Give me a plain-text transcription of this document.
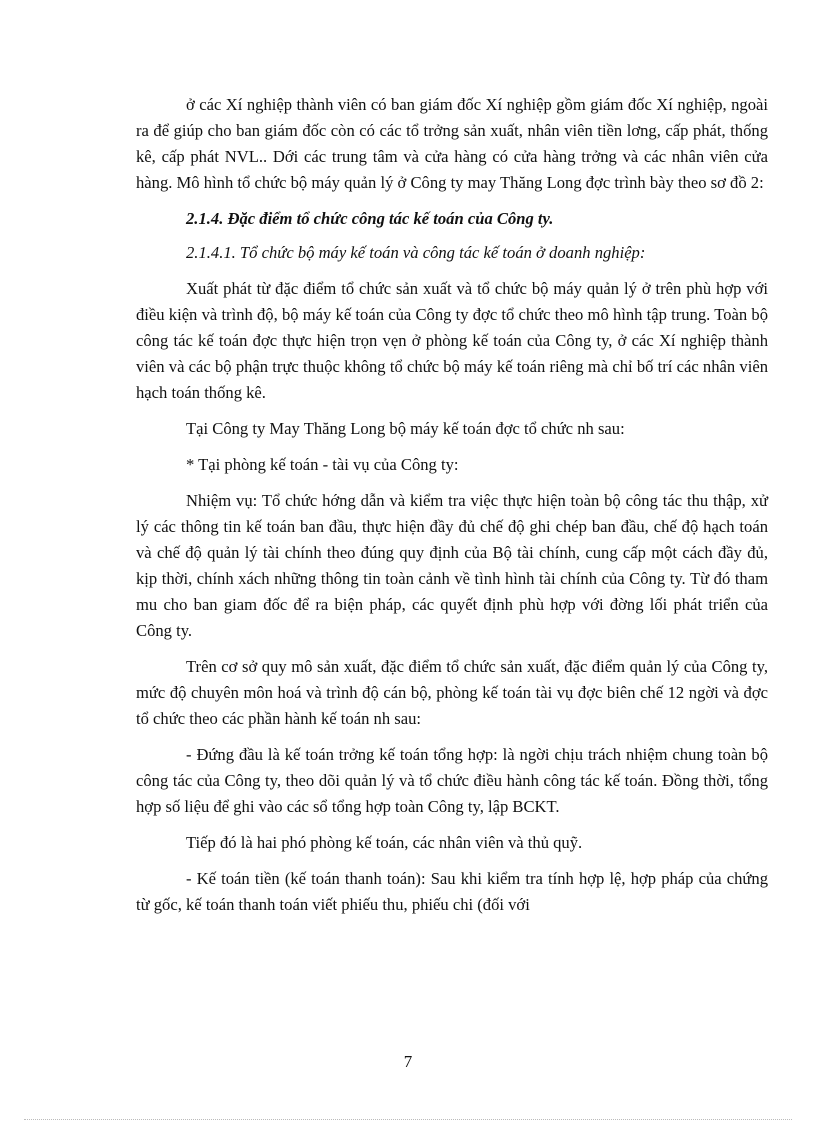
ở các Xí nghiệp thành viên có ban giám đốc Xí nghiệp gồm giám đốc Xí nghiệp, ngoài ra để giúp cho ban giám đốc còn có các tổ trởng sản xuất, nhân viên tiền lơng, cấp phát, thống kê, cấp phát NVL.. Dới các trung tâm và cửa hàng có cửa hàng trởng và các nhân viên cửa hàng. Mô hình tổ chức bộ máy quản lý ở Công ty may Thăng Long đợc trình bày theo sơ đồ 2:

2.1.4. Đặc điểm tổ chức công tác kế toán của Công ty.

2.1.4.1. Tổ chức bộ máy kế toán và công tác kế toán ở doanh nghiệp:

Xuất phát từ đặc điểm tổ chức sản xuất và tổ chức bộ máy quản lý ở trên phù hợp với điều kiện và trình độ, bộ máy kế toán của Công ty đợc tổ chức theo mô hình tập trung. Toàn bộ công tác kế toán đợc thực hiện trọn vẹn ở phòng kế toán của Công ty, ở các Xí nghiệp thành viên và các bộ phận trực thuộc không tổ chức bộ máy kế toán riêng mà chỉ bố trí các nhân viên hạch toán thống kê.

Tại Công ty May Thăng Long bộ máy kế toán đợc tổ chức nh sau:

* Tại phòng kế toán - tài vụ của Công ty:

Nhiệm vụ: Tổ chức hớng dẫn và kiểm tra việc thực hiện toàn bộ công tác thu thập, xử lý các thông tin kế toán ban đầu, thực hiện đầy đủ chế độ ghi chép ban đầu, chế độ hạch toán và chế độ quản lý tài chính theo đúng quy định của Bộ tài chính, cung cấp một cách đầy đủ, kịp thời, chính xách những thông tin toàn cảnh về tình hình tài chính của Công ty. Từ đó tham mu cho ban giam đốc để ra biện pháp, các quyết định phù hợp với đờng lối phát triển của Công ty.

Trên cơ sở quy mô sản xuất, đặc điểm tổ chức sản xuất, đặc điểm quản lý của Công ty, mức độ chuyên môn hoá và trình độ cán bộ, phòng kế toán tài vụ đợc biên chế 12 ngời và đợc tổ chức theo các phần hành kế toán nh sau:

- Đứng đầu là kế toán trởng kế toán tổng hợp: là ngời chịu trách nhiệm chung toàn bộ công tác của Công ty, theo dõi quản lý và tổ chức điều hành công tác kế toán. Đồng thời, tổng hợp số liệu để ghi vào các sổ tổng hợp toàn Công ty, lập BCKT.

Tiếp đó là hai phó phòng kế toán, các nhân viên và thủ quỹ.

- Kế toán tiền (kế toán thanh toán): Sau khi kiểm tra tính hợp lệ, hợp pháp của chứng từ gốc, kế toán thanh toán viết phiếu thu, phiếu chi (đối với

7
